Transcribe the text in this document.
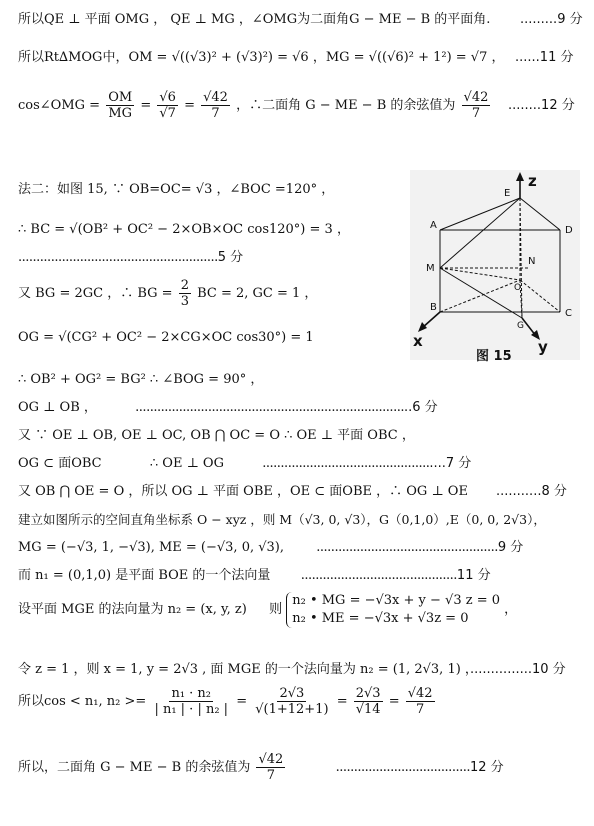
所以QE ⊥ 平面 OMG ， QE ⊥ MG ，∠OMG为二面角G − ME − B 的平面角. .........9 分
所以Rt∆MOG中，OM = √((√3)² + (√3)²) = √6 ，MG = √((√6)² + 1²) = √7 ， ......11 分
cos∠OMG = $\frac{OM}{MG} = \frac{√6}{√7} = \frac{√42}{7}$ ，∴二面角 G − ME − B 的余弦值为 $\frac{√42}{7} ........12$ 分
法二：如图 15, ∵ OB=OC= √3 ，∠BOC =120° ，
∴ BC = √(OB² + OC² − 2×OB×OC cos120°) = 3 ，
.......................................................5 分
又 BG = 2GC ，∴ BG = $\frac{2}{3}$ BC = 2, GC = 1 ，
OG = √(CG² + OC² − 2×CG×OC cos30°) = 1
∴ OB² + OG² = BG² ∴ ∠BOG = 90° ，
OG ⊥ OB ，	............................................................................6 分
又 ∵ OE ⊥ OB, OE ⊥ OC, OB ⋂ OC = O ∴ OE ⊥ 平面 OBC ，
OG ⊂ 面OBC	∴ OE ⊥ OG	..................................................7 分
又 OB ⋂ OE = O ，所以 OG ⊥ 平面 OBE ，OE ⊂ 面OBE ，∴ OG ⊥ OE ...........8 分
建立如图所示的空间直角坐标系 O − xyz ，则 M（√3, 0, √3），G（0,1,0）,E（0, 0, 2√3），
MG = (−√3, 1, −√3), ME = (−√3, 0, √3), ..................................................9 分
而 n₁ = (0,1,0) 是平面 BOE 的一个法向量 ...........................................11 分
设平面 MGE 的法向量为 n₂ = (x, y, z) 则
n₂ • MG = −√3x + y − √3 z = 0
n₂ • ME = −√3x + √3z = 0
，
令 z = 1 ，则 x = 1, y = 2√3 , 面 MGE 的一个法向量为 n₂ = (1, 2√3, 1) ，
...............10 分
所以cos < n₁, $n_2 >= \frac{\text{n₁ · n₂}}{\text{| n₁ | · | n₂ |}} = \frac{2√3}{√(1+12+1)} = \frac{2√3}{√14} = \frac{√42}{7}$
所以，二面角 G − ME − B 的余弦值为 $\frac{√42}{7}$	.....................................12 分
E
z
A	D
M
N
O
B
G
C
x	y
图 15
